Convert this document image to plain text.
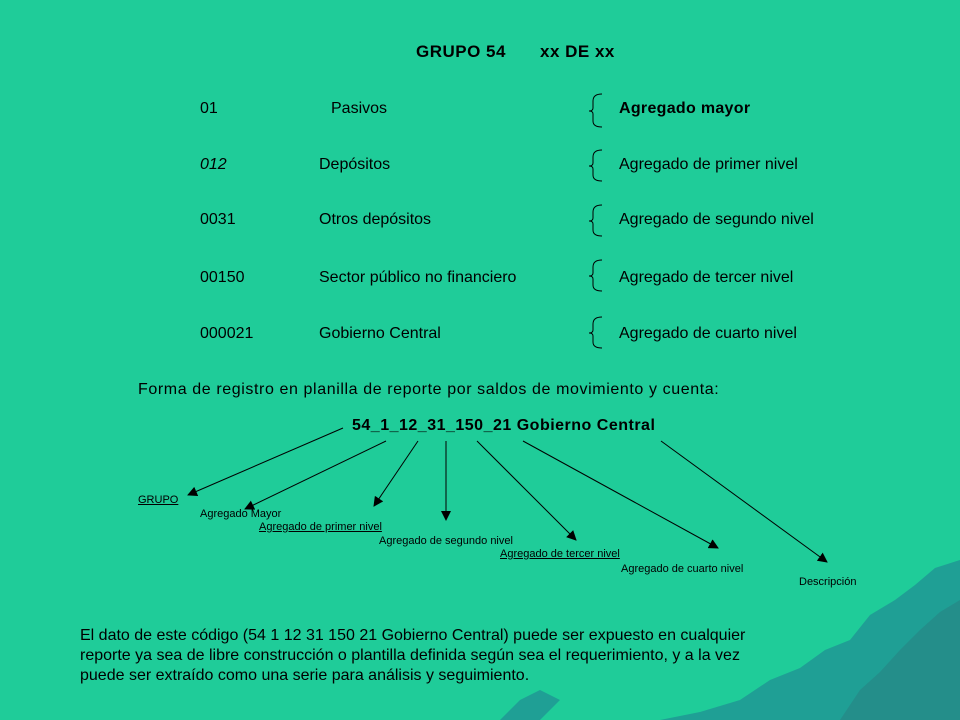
GRUPO 54 xx DE xx
01	Pasivos	Agregado mayor
012	Depósitos	Agregado de primer nivel
0031	Otros depósitos	Agregado de segundo nivel
00150	Sector público no financiero	Agregado de tercer nivel
000021	Gobierno Central	Agregado de cuarto nivel
Forma de registro en planilla de reporte por saldos de movimiento y cuenta:
54_1_12_31_150_21 Gobierno Central
GRUPO
Agregado Mayor
Agregado de primer nivel
Agregado de segundo nivel
Agregado de tercer nivel
Agregado de cuarto nivel
Descripción

El dato de este código (54 1 12 31 150 21 Gobierno Central) puede ser expuesto en cualquier

reporte ya sea de libre construcción o plantilla definida según sea el requerimiento, y a la vez

puede ser extraído como una serie para análisis y seguimiento.
